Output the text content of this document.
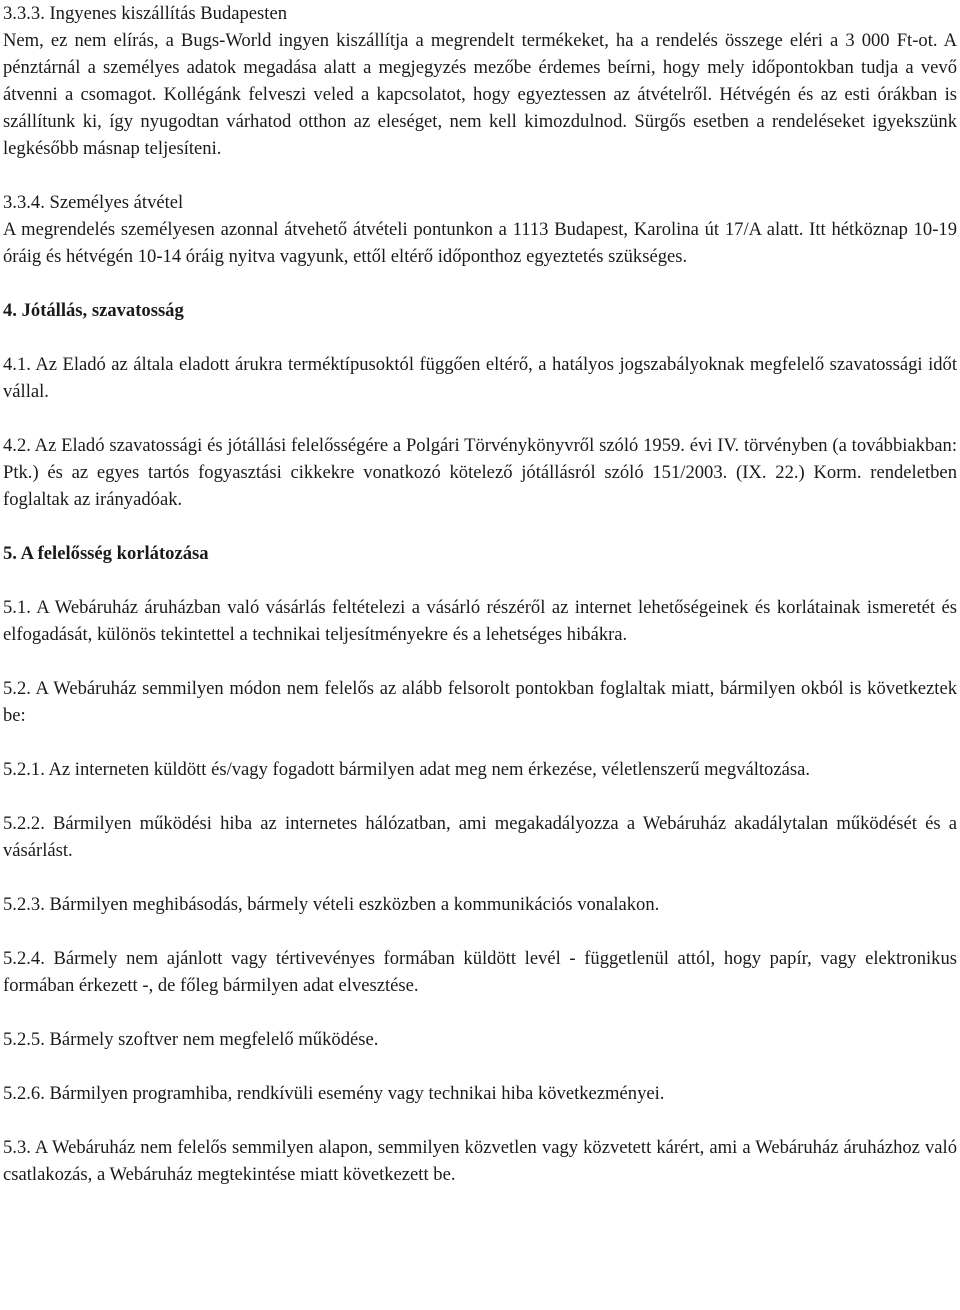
3.3.3. Ingyenes kiszállítás Budapesten

Nem, ez nem elírás, a Bugs-World ingyen kiszállítja a megrendelt termékeket, ha a rendelés összege eléri a 3 000 Ft-ot. A pénztárnál a személyes adatok megadása alatt a megjegyzés mezőbe érdemes beírni, hogy mely időpontokban tudja a vevő átvenni a csomagot. Kollégánk felveszi veled a kapcsolatot, hogy egyeztessen az átvételről. Hétvégén és az esti órákban is szállítunk ki, így nyugodtan várhatod otthon az eleséget, nem kell kimozdulnod. Sürgős esetben a rendeléseket igyekszünk legkésőbb másnap teljesíteni.

3.3.4. Személyes átvétel

A megrendelés személyesen azonnal átvehető átvételi pontunkon a 1113 Budapest, Karolina út 17/A alatt. Itt hétköznap 10-19 óráig és hétvégén 10-14 óráig nyitva vagyunk, ettől eltérő időponthoz egyeztetés szükséges.

4. Jótállás, szavatosság

4.1. Az Eladó az általa eladott árukra terméktípusoktól függően eltérő, a hatályos jogszabályoknak megfelelő szavatossági időt vállal.

4.2. Az Eladó szavatossági és jótállási felelősségére a Polgári Törvénykönyvről szóló 1959. évi IV. törvényben (a továbbiakban: Ptk.) és az egyes tartós fogyasztási cikkekre vonatkozó kötelező jótállásról szóló 151/2003. (IX. 22.) Korm. rendeletben foglaltak az irányadóak.

5. A felelősség korlátozása

5.1. A Webáruház áruházban való vásárlás feltételezi a vásárló részéről az internet lehetőségeinek és korlátainak ismeretét és elfogadását, különös tekintettel a technikai teljesítményekre és a lehetséges hibákra.

5.2. A Webáruház semmilyen módon nem felelős az alább felsorolt pontokban foglaltak miatt, bármilyen okból is következtek be:

5.2.1. Az interneten küldött és/vagy fogadott bármilyen adat meg nem érkezése, véletlenszerű megváltozása.

5.2.2. Bármilyen működési hiba az internetes hálózatban, ami megakadályozza a Webáruház akadálytalan működését és a vásárlást.

5.2.3. Bármilyen meghibásodás, bármely vételi eszközben a kommunikációs vonalakon.

5.2.4. Bármely nem ajánlott vagy tértivevényes formában küldött levél - függetlenül attól, hogy papír, vagy elektronikus formában érkezett -, de főleg bármilyen adat elvesztése.

5.2.5. Bármely szoftver nem megfelelő működése.

5.2.6. Bármilyen programhiba, rendkívüli esemény vagy technikai hiba következményei.

5.3. A Webáruház nem felelős semmilyen alapon, semmilyen közvetlen vagy közvetett kárért, ami a Webáruház áruházhoz való csatlakozás, a Webáruház megtekintése miatt következett be.
